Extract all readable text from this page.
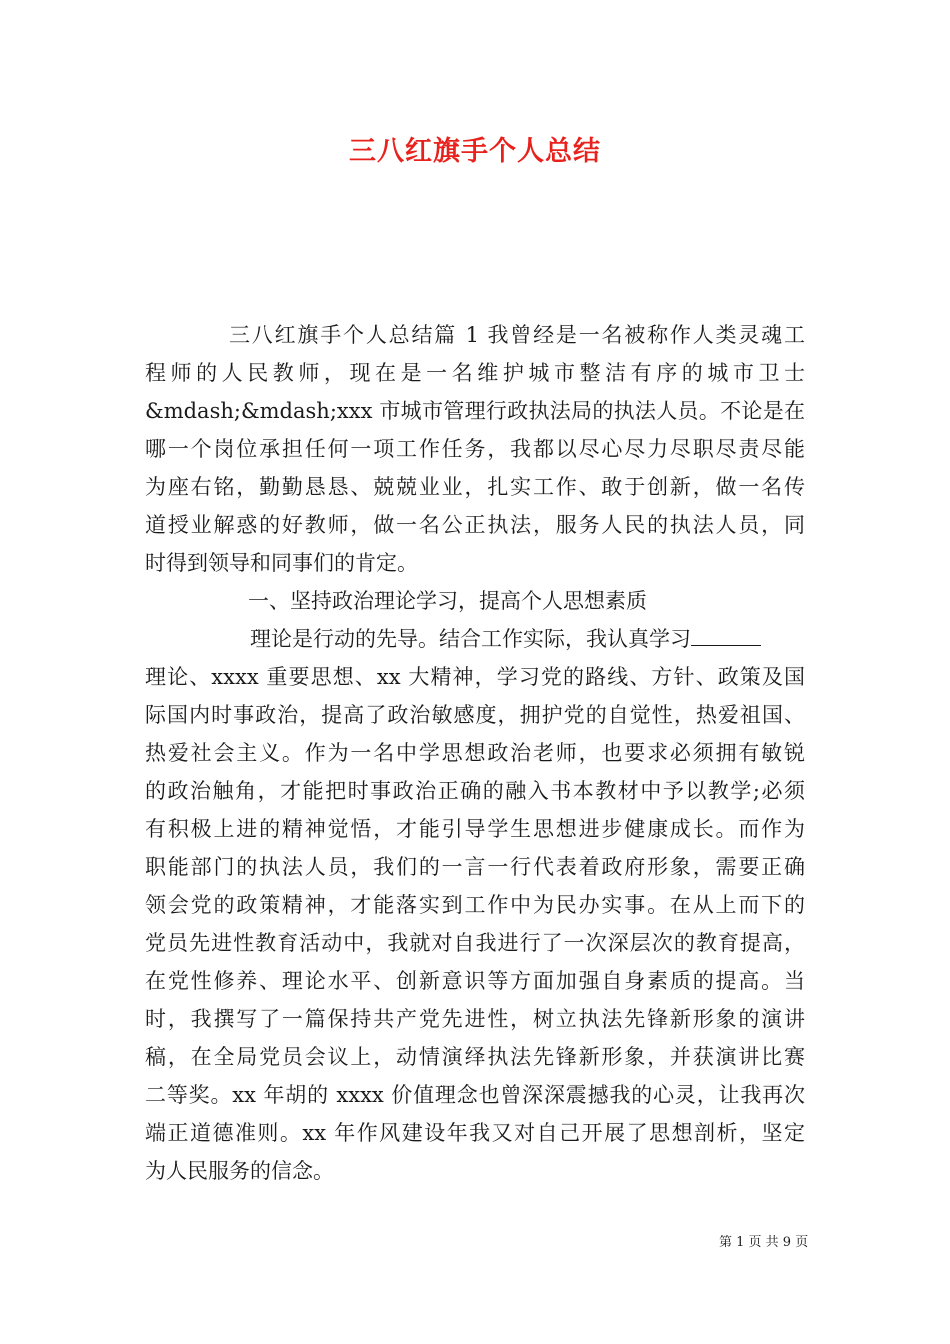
三八红旗手个人总结

三八红旗手个人总结篇 1 我曾经是一名被称作人类灵魂工

程师的人民教师，现在是一名维护城市整洁有序的城市卫士

&mdash;&mdash;xxx 市城市管理行政执法局的执法人员。不论是在

哪一个岗位承担任何一项工作任务，我都以尽心尽力尽职尽责尽能

为座右铭，勤勤恳恳、兢兢业业，扎实工作、敢于创新，做一名传

道授业解惑的好教师，做一名公正执法，服务人民的执法人员，同

时得到领导和同事们的肯定。

一、坚持政治理论学习，提高个人思想素质

理论是行动的先导。结合工作实际，我认真学习

理论、xxxx 重要思想、xx 大精神，学习党的路线、方针、政策及国

际国内时事政治，提高了政治敏感度，拥护党的自觉性，热爱祖国、

热爱社会主义。作为一名中学思想政治老师，也要求必须拥有敏锐

的政治触角，才能把时事政治正确的融入书本教材中予以教学;必须

有积极上进的精神觉悟，才能引导学生思想进步健康成长。而作为

职能部门的执法人员，我们的一言一行代表着政府形象，需要正确

领会党的政策精神，才能落实到工作中为民办实事。在从上而下的

党员先进性教育活动中，我就对自我进行了一次深层次的教育提高，

在党性修养、理论水平、创新意识等方面加强自身素质的提高。当

时，我撰写了一篇保持共产党先进性，树立执法先锋新形象的演讲

稿，在全局党员会议上，动情演绎执法先锋新形象，并获演讲比赛

二等奖。xx 年胡的 xxxx 价值理念也曾深深震撼我的心灵，让我再次

端正道德准则。xx 年作风建设年我又对自己开展了思想剖析，坚定

为人民服务的信念。

第 1 页 共 9 页
